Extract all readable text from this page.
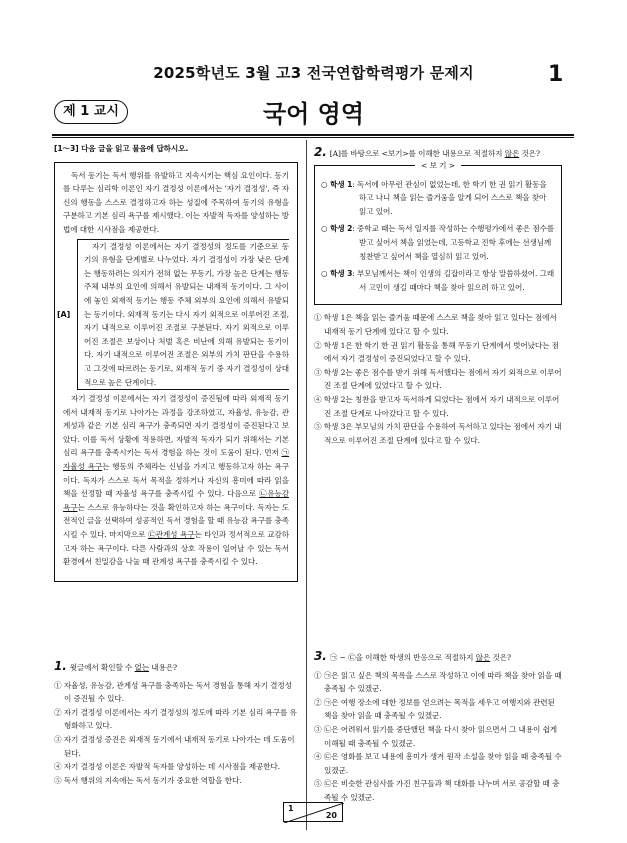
2025학년도 3월 고3 전국연합학력평가 문제지	1
제 1 교시	국어 영역
[1～3] 다음 글을 읽고 물음에 답하시오.

독서 동기는 독서 행위를 유발하고 지속시키는 핵심 요인이다. 동기를 다루는 심리학 이론인 자기 결정성 이론에서는 '자기 결정성', 즉 자신의 행동을 스스로 결정하고자 하는 성질에 주목하여 동기의 유형을 구분하고 기본 심리 욕구를 제시했다. 이는 자발적 독자를 양성하는 방법에 대한 시사점을 제공한다.

[A]

자기 결정성 이론에서는 자기 결정성의 정도를 기준으로 동기의 유형을 단계별로 나누었다. 자기 결정성이 가장 낮은 단계는 행동하려는 의지가 전혀 없는 무동기, 가장 높은 단계는 행동 주체 내부의 요인에 의해서 유발되는 내재적 동기이다. 그 사이에 놓인 외재적 동기는 행동 주체 외부의 요인에 의해서 유발되는 동기이다. 외재적 동기는 다시 자기 외적으로 이루어진 조절, 자기 내적으로 이루어진 조절로 구분된다. 자기 외적으로 이루어진 조절은 보상이나 처벌 혹은 비난에 의해 유발되는 동기이다. 자기 내적으로 이루어진 조절은 외부의 가치 판단을 수용하고 그것에 따르려는 동기로, 외재적 동기 중 자기 결정성이 상대적으로 높은 단계이다.

자기 결정성 이론에서는 자기 결정성이 증진됨에 따라 외재적 동기에서 내재적 동기로 나아가는 과정을 강조하였고, 자율성, 유능감, 관계성과 같은 기본 심리 욕구가 충족되면 자기 결정성이 증진된다고 보았다. 이를 독서 상황에 적용하면, 자발적 독자가 되기 위해서는 기본 심리 욕구를 충족시키는 독서 경험을 하는 것이 도움이 된다. 먼저 ㉠자율성 욕구는 행동의 주체라는 신념을 가지고 행동하고자 하는 욕구이다. 독자가 스스로 독서 목적을 정하거나 자신의 흥미에 따라 읽을 책을 선정할 때 자율성 욕구를 충족시킬 수 있다. 다음으로 ㉡유능감 욕구는 스스로 유능하다는 것을 확인하고자 하는 욕구이다. 독자는 도전적인 글을 선택하여 성공적인 독서 경험을 할 때 유능감 욕구를 충족시킬 수 있다. 마지막으로 ㉢관계성 욕구는 타인과 정서적으로 교감하고자 하는 욕구이다. 다른 사람과의 상호 작용이 일어날 수 있는 독서 환경에서 친밀감을 나눌 때 관계성 욕구를 충족시킬 수 있다.

1. 윗글에서 확인할 수 없는 내용은?
① 자율성, 유능감, 관계성 욕구를 충족하는 독서 경험을 통해 자기 결정성이 증진될 수 있다.
② 자기 결정성 이론에서는 자기 결정성의 정도에 따라 기본 심리 욕구를 유형화하고 있다.
③ 자기 결정성 증진은 외재적 동기에서 내재적 동기로 나아가는 데 도움이 된다.
④ 자기 결정성 이론은 자발적 독자를 양성하는 데 시사점을 제공한다.
⑤ 독서 행위의 지속에는 독서 동기가 중요한 역할을 한다.
2. [A]를 바탕으로 <보기>를 이해한 내용으로 적절하지 않은 것은?
< 보 기 >
○ 학생 1: 독서에 아무런 관심이 없었는데, 한 학기 한 권 읽기 활동을 하고 나니 책을 읽는 즐거움을 알게 되어 스스로 책을 찾아 읽고 있어.
○ 학생 2: 중학교 때는 독서 일지를 작성하는 수행평가에서 좋은 점수를 받고 싶어서 책을 읽었는데, 고등학교 진학 후에는 선생님께 칭찬받고 싶어서 책을 열심히 읽고 있어.
○ 학생 3: 부모님께서는 책이 인생의 길잡이라고 항상 말씀하셨어. 그래서 고민이 생길 때마다 책을 찾아 읽으려 하고 있어.
① 학생 1은 책을 읽는 즐거움 때문에 스스로 책을 찾아 읽고 있다는 점에서 내재적 동기 단계에 있다고 할 수 있다.
② 학생 1은 한 학기 한 권 읽기 활동을 통해 무동기 단계에서 벗어났다는 점에서 자기 결정성이 증진되었다고 할 수 있다.
③ 학생 2는 좋은 점수를 받기 위해 독서했다는 점에서 자기 외적으로 이루어진 조절 단계에 있었다고 할 수 있다.
④ 학생 2는 칭찬을 받고자 독서하게 되었다는 점에서 자기 내적으로 이루어진 조절 단계로 나아갔다고 할 수 있다.
⑤ 학생 3은 부모님의 가치 판단을 수용하여 독서하고 있다는 점에서 자기 내적으로 이루어진 조절 단계에 있다고 할 수 있다.
3. ㉠ ~ ㉢을 이해한 학생의 반응으로 적절하지 않은 것은?
① ㉠은 읽고 싶은 책의 목록을 스스로 작성하고 이에 따라 책을 찾아 읽을 때 충족될 수 있겠군.
② ㉠은 여행 장소에 대한 정보를 얻으려는 목적을 세우고 여행지와 관련된 책을 찾아 읽을 때 충족될 수 있겠군.
③ ㉡은 어려워서 읽기를 중단했던 책을 다시 찾아 읽으면서 그 내용이 쉽게 이해될 때 충족될 수 있겠군.
④ ㉢은 영화를 보고 내용에 흥미가 생겨 원작 소설을 찾아 읽을 때 충족될 수 있겠군.
⑤ ㉢은 비슷한 관심사를 가진 친구들과 책 대화를 나누며 서로 공감할 때 충족될 수 있겠군.
1
20
